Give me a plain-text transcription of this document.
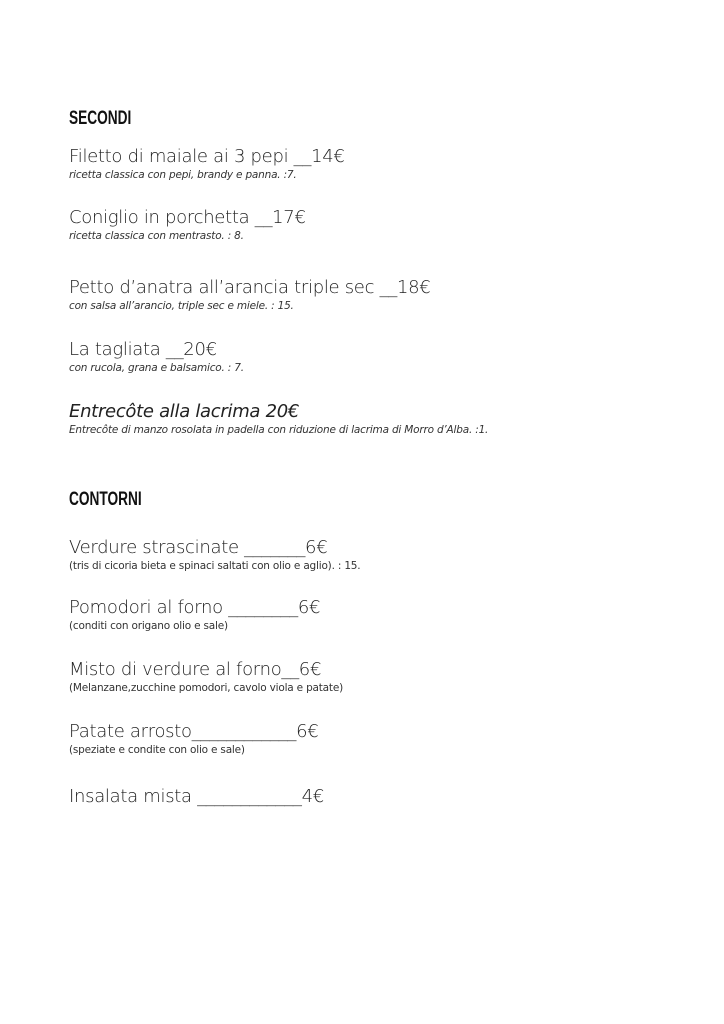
SECONDI
Filetto di maiale ai 3 pepi __14€
ricetta classica con pepi, brandy e panna. :7.
Coniglio in porchetta __17€
ricetta classica con mentrasto. : 8.
Petto d’anatra all’arancia triple sec __18€
con salsa all’arancio, triple sec e miele. : 15.
La tagliata __20€
con rucola, grana e balsamico. : 7.
Entrecôte alla lacrima 20€
Entrecôte di manzo rosolata in padella con riduzione di lacrima di Morro d’Alba. :1.
CONTORNI
Verdure strascinate _______6€
(tris di cicoria bieta e spinaci saltati con olio e aglio). : 15.
Pomodori al forno ________6€
(conditi con origano olio e sale)
Misto di verdure al forno__6€
(Melanzane,zucchine pomodori, cavolo viola e patate)
Patate arrosto____________6€
(speziate e condite con olio e sale)
Insalata mista ____________4€
